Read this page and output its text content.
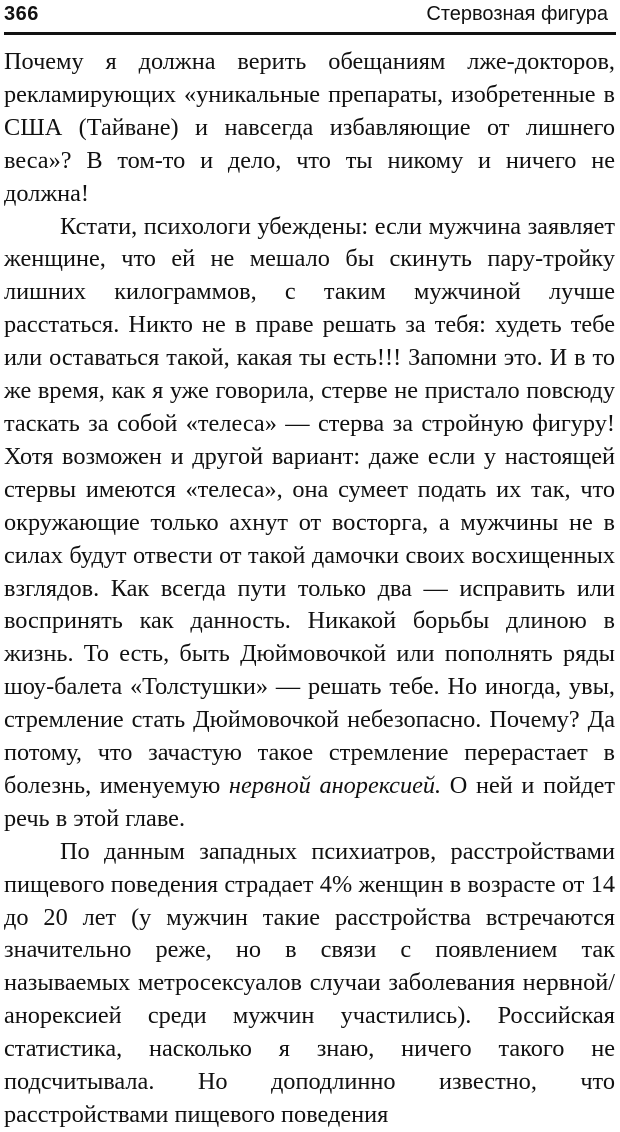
366	Стервозная фигура

Почему я должна верить обещаниям лже-докторов, рекламирующих «уникальные препараты, изобретенные в США (Тайване) и навсегда избавляющие от лишнего веса»? В том-то и дело, что ты никому и ничего не должна!

Кстати, психологи убеждены: если мужчина заявляет женщине, что ей не мешало бы скинуть пару-тройку лишних килограммов, с таким мужчиной лучше расстаться. Никто не в праве решать за тебя: худеть тебе или оставаться такой, какая ты есть!!! Запомни это. И в то же время, как я уже говорила, стерве не пристало повсюду таскать за собой «телеса» — стерва за стройную фигуру! Хотя возможен и другой вариант: даже если у настоящей стервы имеются «телеса», она сумеет подать их так, что окружающие только ахнут от восторга, а мужчины не в силах будут отвести от такой дамочки своих восхищенных взглядов. Как всегда пути только два — исправить или воспринять как данность. Никакой борьбы длиною в жизнь. То есть, быть Дюймовочкой или пополнять ряды шоу-балета «Толстушки» — решать тебе. Но иногда, увы, стремление стать Дюймовочкой небезопасно. Почему? Да потому, что зачастую такое стремление перерастает в болезнь, именуемую нервной анорексией. О ней и пойдет речь в этой главе.

По данным западных психиатров, расстройствами пищевого поведения страдает 4% женщин в возрасте от 14 до 20 лет (у мужчин такие расстройства встречаются значительно реже, но в связи с появлением так называемых метросексуалов случаи заболевания нервной/анорексией среди мужчин участились). Российская статистика, насколько я знаю, ничего такого не подсчитывала. Но доподлинно известно, что расстройствами пищевого поведения
